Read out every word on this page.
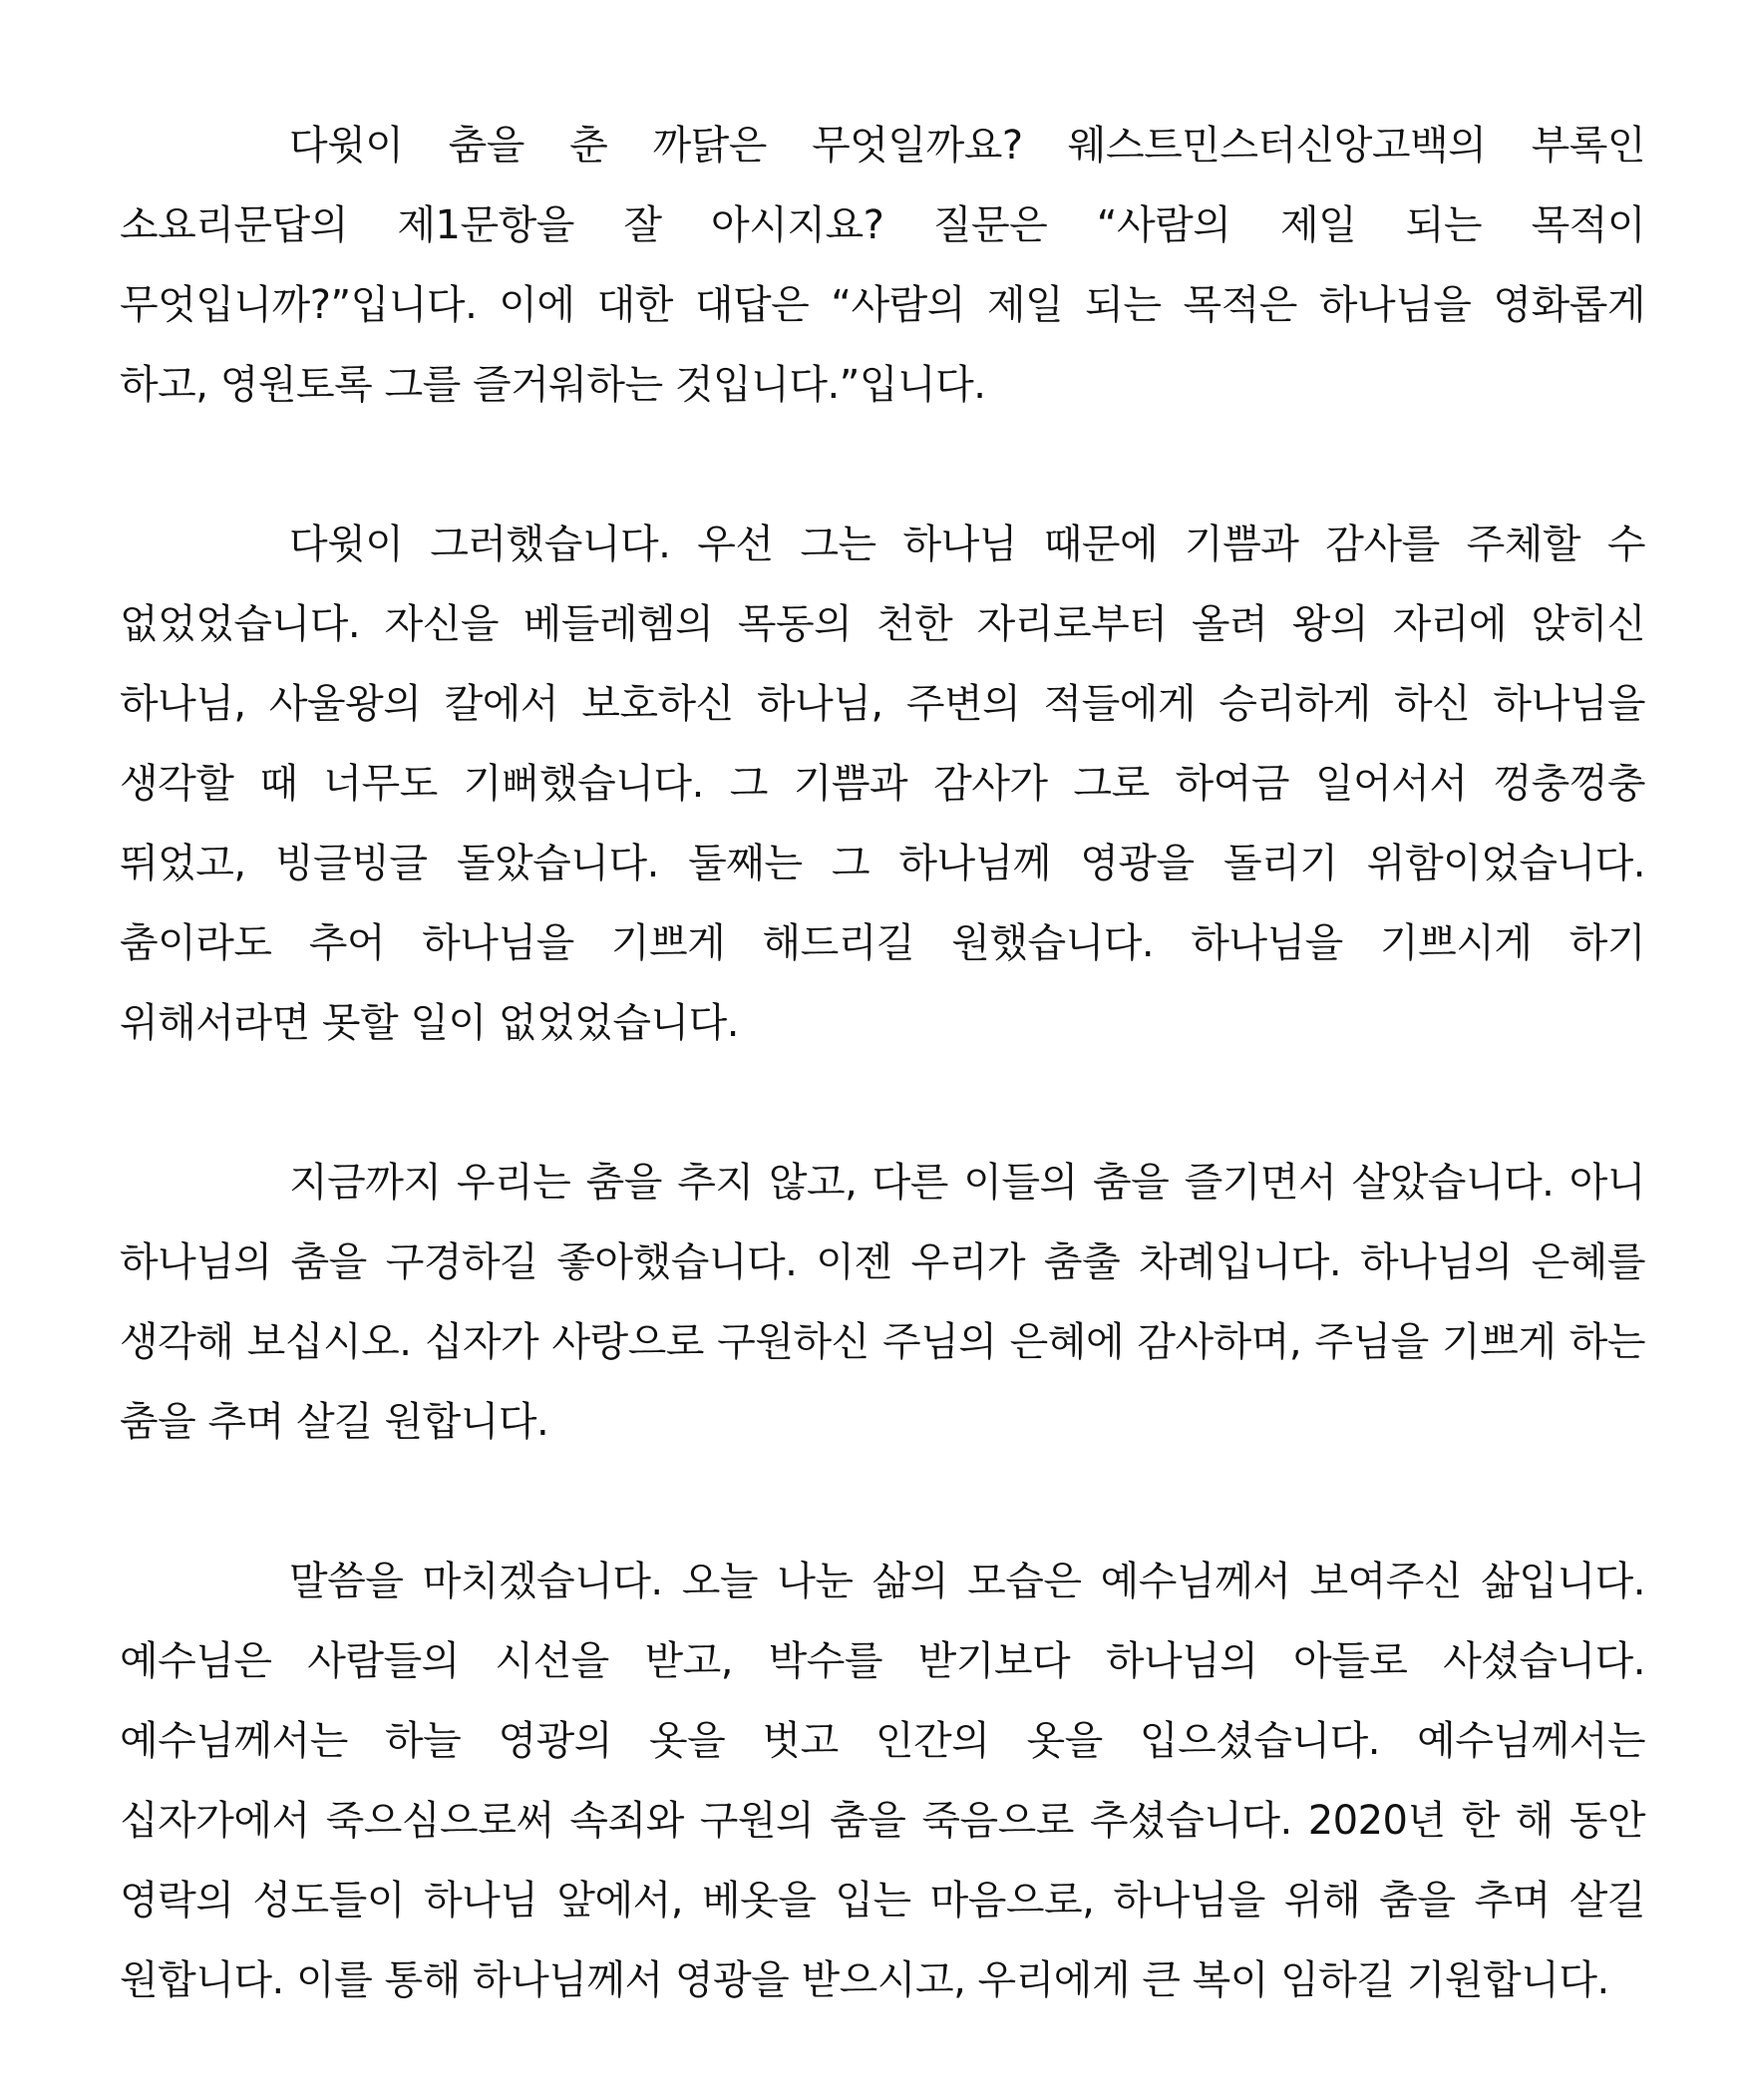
다윗이 춤을 춘 까닭은 무엇일까요? 웨스트민스터신앙고백의 부록인 소요리문답의 제1문항을 잘 아시지요? 질문은 “사람의 제일 되는 목적이 무엇입니까?”입니다. 이에 대한 대답은 “사람의 제일 되는 목적은 하나님을 영화롭게 하고, 영원토록 그를 즐거워하는 것입니다.”입니다.

다윗이 그러했습니다. 우선 그는 하나님 때문에 기쁨과 감사를 주체할 수 없었었습니다. 자신을 베들레헴의 목동의 천한 자리로부터 올려 왕의 자리에 앉히신 하나님, 사울왕의 칼에서 보호하신 하나님, 주변의 적들에게 승리하게 하신 하나님을 생각할 때 너무도 기뻐했습니다. 그 기쁨과 감사가 그로 하여금 일어서서 껑충껑충 뛰었고, 빙글빙글 돌았습니다. 둘째는 그 하나님께 영광을 돌리기 위함이었습니다. 춤이라도 추어 하나님을 기쁘게 해드리길 원했습니다. 하나님을 기쁘시게 하기 위해서라면 못할 일이 없었었습니다.

지금까지 우리는 춤을 추지 않고, 다른 이들의 춤을 즐기면서 살았습니다. 아니 하나님의 춤을 구경하길 좋아했습니다. 이젠 우리가 춤출 차례입니다. 하나님의 은혜를 생각해 보십시오. 십자가 사랑으로 구원하신 주님의 은혜에 감사하며, 주님을 기쁘게 하는 춤을 추며 살길 원합니다.

말씀을 마치겠습니다. 오늘 나눈 삶의 모습은 예수님께서 보여주신 삶입니다. 예수님은 사람들의 시선을 받고, 박수를 받기보다 하나님의 아들로 사셨습니다. 예수님께서는 하늘 영광의 옷을 벗고 인간의 옷을 입으셨습니다. 예수님께서는 십자가에서 죽으심으로써 속죄와 구원의 춤을 죽음으로 추셨습니다. 2020년 한 해 동안 영락의 성도들이 하나님 앞에서, 베옷을 입는 마음으로, 하나님을 위해 춤을 추며 살길 원합니다. 이를 통해 하나님께서 영광을 받으시고, 우리에게 큰 복이 임하길 기원합니다.
